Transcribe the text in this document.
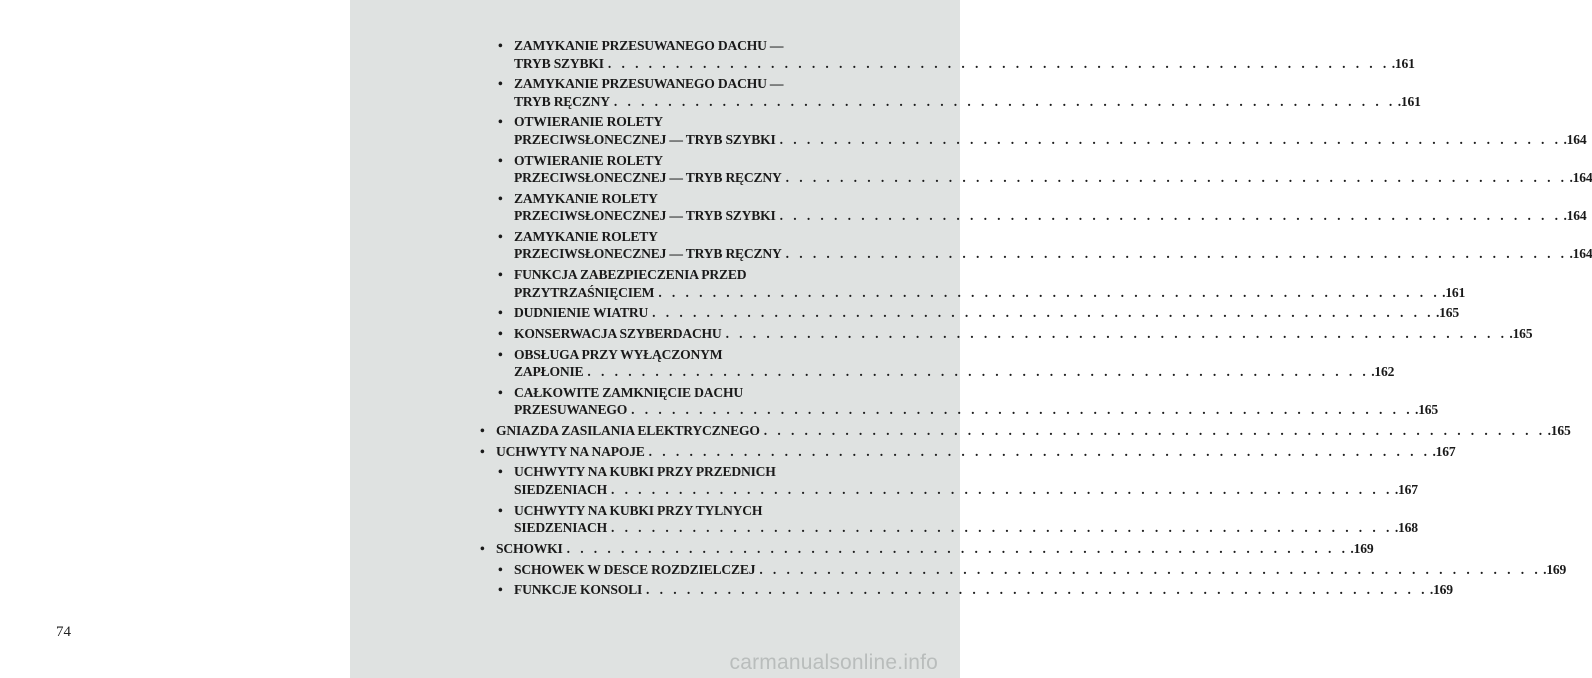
74
• ZAMYKANIE PRZESUWANEGO DACHU —
TRYB SZYBKI . . . . . . . . . . . . . . . . . . . . . . . . . . . . . . . . . . . . . . . . . . . . . . . . . . . . . . . . . . .161
• ZAMYKANIE PRZESUWANEGO DACHU —
TRYB RĘCZNY . . . . . . . . . . . . . . . . . . . . . . . . . . . . . . . . . . . . . . . . . . . . . . . . . . . . . . . . . . .161
• OTWIERANIE ROLETY
PRZECIWSŁONECZNEJ — TRYB SZYBKI . . . . . . . . . . . . . . . . . . . . . . . . . . . . . . . . . . . . . . . . . . . . . . . . . . . . . . . . . . .164
• OTWIERANIE ROLETY
PRZECIWSŁONECZNEJ — TRYB RĘCZNY . . . . . . . . . . . . . . . . . . . . . . . . . . . . . . . . . . . . . . . . . . . . . . . . . . . . . . . . . . .164
• ZAMYKANIE ROLETY
PRZECIWSŁONECZNEJ — TRYB SZYBKI . . . . . . . . . . . . . . . . . . . . . . . . . . . . . . . . . . . . . . . . . . . . . . . . . . . . . . . . . . .164
• ZAMYKANIE ROLETY
PRZECIWSŁONECZNEJ — TRYB RĘCZNY . . . . . . . . . . . . . . . . . . . . . . . . . . . . . . . . . . . . . . . . . . . . . . . . . . . . . . . . . . .164
• FUNKCJA ZABEZPIECZENIA PRZED
PRZYTRZAŚNIĘCIEM . . . . . . . . . . . . . . . . . . . . . . . . . . . . . . . . . . . . . . . . . . . . . . . . . . . . . . . . . . .161
• DUDNIENIE WIATRU . . . . . . . . . . . . . . . . . . . . . . . . . . . . . . . . . . . . . . . . . . . . . . . . . . . . . . . . . . .165
• KONSERWACJA SZYBERDACHU . . . . . . . . . . . . . . . . . . . . . . . . . . . . . . . . . . . . . . . . . . . . . . . . . . . . . . . . . . .165
• OBSŁUGA PRZY WYŁĄCZONYM
ZAPŁONIE . . . . . . . . . . . . . . . . . . . . . . . . . . . . . . . . . . . . . . . . . . . . . . . . . . . . . . . . . . .162
• CAŁKOWITE ZAMKNIĘCIE DACHU
PRZESUWANEGO . . . . . . . . . . . . . . . . . . . . . . . . . . . . . . . . . . . . . . . . . . . . . . . . . . . . . . . . . . .165
• GNIAZDA ZASILANIA ELEKTRYCZNEGO . . . . . . . . . . . . . . . . . . . . . . . . . . . . . . . . . . . . . . . . . . . . . . . . . . . . . . . . . . .165
• UCHWYTY NA NAPOJE . . . . . . . . . . . . . . . . . . . . . . . . . . . . . . . . . . . . . . . . . . . . . . . . . . . . . . . . . . .167
• UCHWYTY NA KUBKI PRZY PRZEDNICH
SIEDZENIACH . . . . . . . . . . . . . . . . . . . . . . . . . . . . . . . . . . . . . . . . . . . . . . . . . . . . . . . . . . .167
• UCHWYTY NA KUBKI PRZY TYLNYCH
SIEDZENIACH . . . . . . . . . . . . . . . . . . . . . . . . . . . . . . . . . . . . . . . . . . . . . . . . . . . . . . . . . . .168
• SCHOWKI . . . . . . . . . . . . . . . . . . . . . . . . . . . . . . . . . . . . . . . . . . . . . . . . . . . . . . . . . . .169
• SCHOWEK W DESCE ROZDZIELCZEJ . . . . . . . . . . . . . . . . . . . . . . . . . . . . . . . . . . . . . . . . . . . . . . . . . . . . . . . . . . .169
• FUNKCJE KONSOLI . . . . . . . . . . . . . . . . . . . . . . . . . . . . . . . . . . . . . . . . . . . . . . . . . . . . . . . . . . .169
carmanualsonline.info
